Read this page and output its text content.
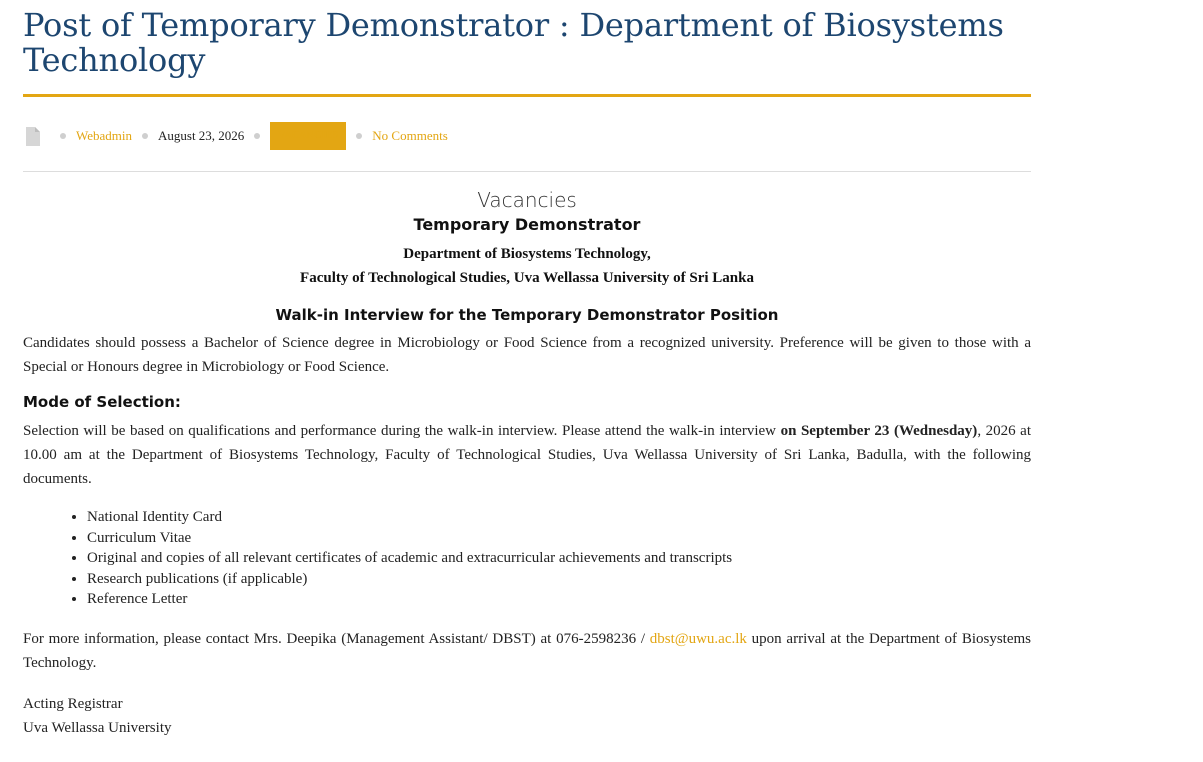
Post of Temporary Demonstrator : Department of Biosystems Technology
Webadmin August 23, 2026	VACANCIES	No Comments
Vacancies
Temporary Demonstrator
Department of Biosystems Technology,
Faculty of Technological Studies, Uva Wellassa University of Sri Lanka
Walk-in Interview for the Temporary Demonstrator Position

Candidates should possess a Bachelor of Science degree in Microbiology or Food Science from a recognized university. Preference will be given to those with a Special or Honours degree in Microbiology or Food Science.

Mode of Selection:

Selection will be based on qualifications and performance during the walk-in interview. Please attend the walk-in interview on September 23 (Wednesday), 2026 at 10.00 am at the Department of Biosystems Technology, Faculty of Technological Studies, Uva Wellassa University of Sri Lanka, Badulla, with the following documents.

• National Identity Card
• Curriculum Vitae
• Original and copies of all relevant certificates of academic and extracurricular achievements and transcripts
• Research publications (if applicable)
• Reference Letter

For more information, please contact Mrs. Deepika (Management Assistant/ DBST) at 076-2598236 / dbst@uwu.ac.lk upon arrival at the Department of Biosystems Technology.

Acting Registrar
Uva Wellassa University
